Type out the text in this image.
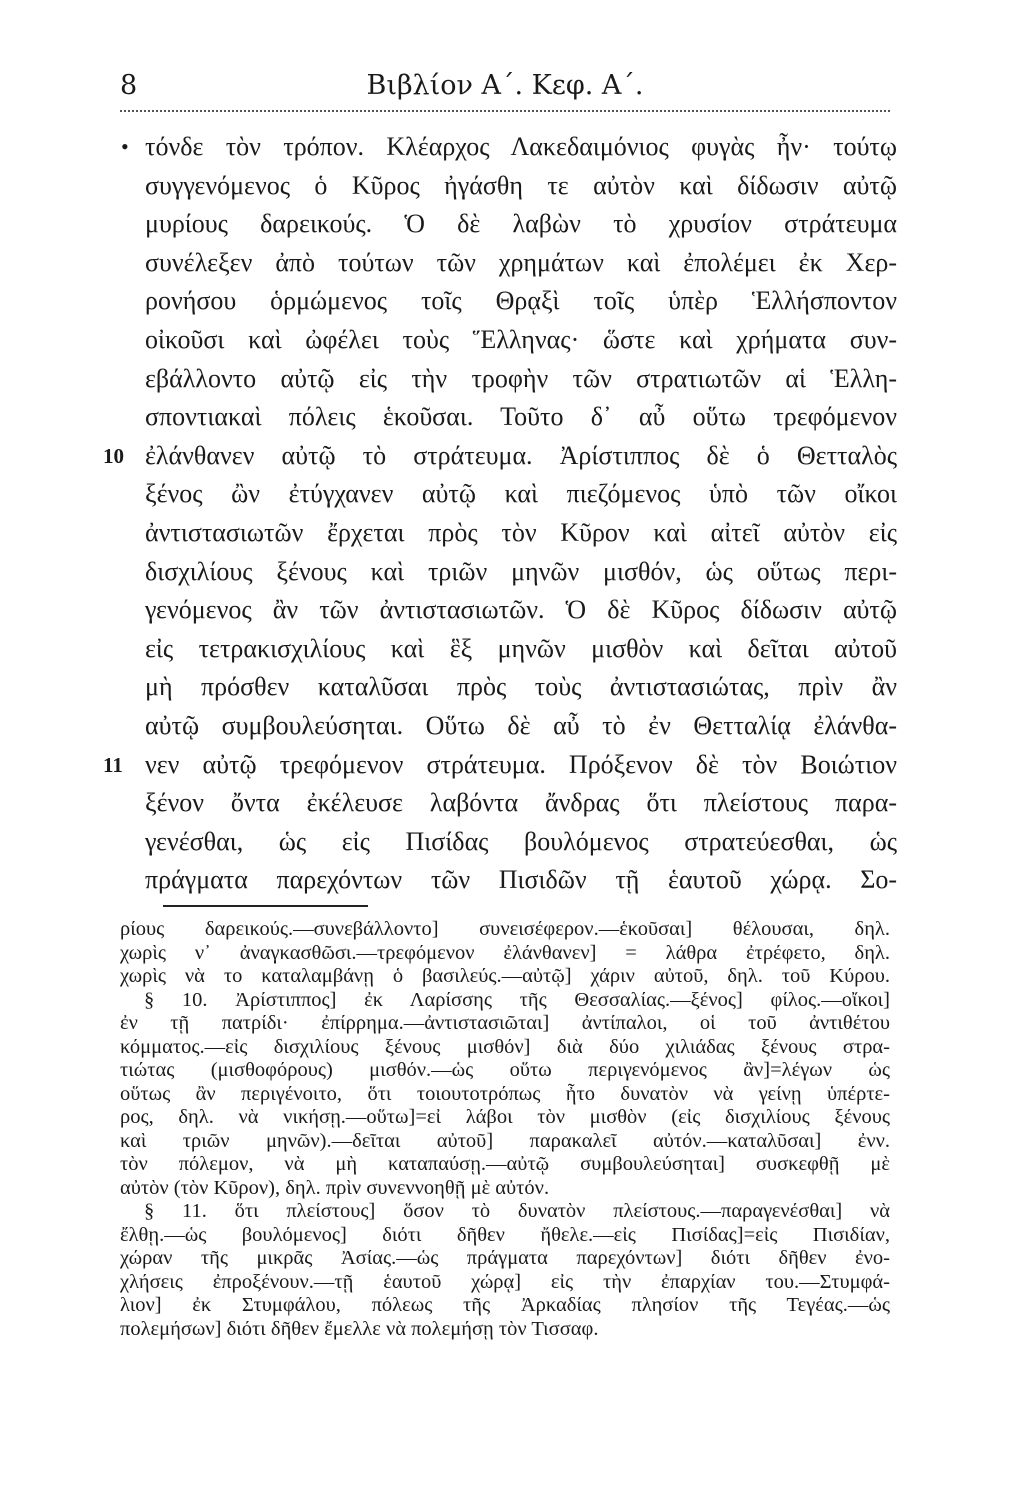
8	Βιβλίον Α΄. Κεφ. Α΄.
• τόνδε τὸν τρόπον. Κλέαρχος Λακεδαιμόνιος φυγὰς ἦν· τούτῳ
συγγενόμενος ὁ Κῦρος ἠγάσθη τε αὐτὸν καὶ δίδωσιν αὐτῷ
μυρίους δαρεικούς. Ὁ δὲ λαβὼν τὸ χρυσίον στράτευμα
συνέλεξεν ἀπὸ τούτων τῶν χρημάτων καὶ ἐπολέμει ἐκ Χερ-
ρονήσου ὁρμώμενος τοῖς Θρᾳξὶ τοῖς ὑπὲρ Ἑλλήσποντον
οἰκοῦσι καὶ ὠφέλει τοὺς Ἕλληνας· ὥστε καὶ χρήματα συν-
εβάλλοντο αὐτῷ εἰς τὴν τροφὴν τῶν στρατιωτῶν αἱ Ἑλλη-
σποντιακαὶ πόλεις ἑκοῦσαι. Τοῦτο δ᾽ αὖ οὕτω τρεφόμενον
10 ἐλάνθανεν αὐτῷ τὸ στράτευμα. Ἀρίστιππος δὲ ὁ Θετταλὸς
ξένος ὢν ἐτύγχανεν αὐτῷ καὶ πιεζόμενος ὑπὸ τῶν οἴκοι
ἀντιστασιωτῶν ἔρχεται πρὸς τὸν Κῦρον καὶ αἰτεῖ αὐτὸν εἰς
δισχιλίους ξένους καὶ τριῶν μηνῶν μισθόν, ὡς οὕτως περι-
γενόμενος ἂν τῶν ἀντιστασιωτῶν. Ὁ δὲ Κῦρος δίδωσιν αὐτῷ
εἰς τετρακισχιλίους καὶ ἓξ μηνῶν μισθὸν καὶ δεῖται αὐτοῦ
μὴ πρόσθεν καταλῦσαι πρὸς τοὺς ἀντιστασιώτας, πρὶν ἂν
αὐτῷ συμβουλεύσηται. Οὕτω δὲ αὖ τὸ ἐν Θετταλίᾳ ἐλάνθα-
11 νεν αὐτῷ τρεφόμενον στράτευμα. Πρόξενον δὲ τὸν Βοιώτιον
ξένον ὄντα ἐκέλευσε λαβόντα ἄνδρας ὅτι πλείστους παρα-
γενέσθαι, ὡς εἰς Πισίδας βουλόμενος στρατεύεσθαι, ὡς
πράγματα παρεχόντων τῶν Πισιδῶν τῇ ἑαυτοῦ χώρᾳ. Σο-
ρίους δαρεικούς.—συνεβάλλοντο] συνεισέφερον.—ἑκοῦσαι] θέλουσαι, δηλ.
χωρὶς ν᾽ ἀναγκασθῶσι.—τρεφόμενον ἐλάνθανεν] = λάθρα ἐτρέφετο, δηλ.
χωρὶς νὰ το καταλαμβάνῃ ὁ βασιλεύς.—αὐτῷ] χάριν αὐτοῦ, δηλ. τοῦ Κύρου.
§ 10. Ἀρίστιππος] ἐκ Λαρίσσης τῆς Θεσσαλίας.—ξένος] φίλος.—οἴκοι]
ἐν τῇ πατρίδι· ἐπίρρημα.—ἀντιστασιῶται] ἀντίπαλοι, οἱ τοῦ ἀντιθέτου
κόμματος.—εἰς δισχιλίους ξένους μισθόν] διὰ δύο χιλιάδας ξένους στρα-
τιώτας (μισθοφόρους) μισθόν.—ὡς οὕτω περιγενόμενος ἂν]=λέγων ὡς
οὕτως ἂν περιγένοιτο, ὅτι τοιουτοτρόπως ἦτο δυνατὸν νὰ γείνῃ ὑπέρτε-
ρος, δηλ. νὰ νικήσῃ.—οὕτω]=εἰ λάβοι τὸν μισθὸν (εἰς δισχιλίους ξένους
καὶ τριῶν μηνῶν).—δεῖται αὐτοῦ] παρακαλεῖ αὐτόν.—καταλῦσαι] ἐνν.
τὸν πόλεμον, νὰ μὴ καταπαύσῃ.—αὐτῷ συμβουλεύσηται] συσκεφθῇ μὲ
αὐτὸν (τὸν Κῦρον), δηλ. πρὶν συνεννοηθῇ μὲ αὐτόν.
§ 11. ὅτι πλείστους] ὅσον τὸ δυνατὸν πλείστους.—παραγενέσθαι] νὰ
ἔλθῃ.—ὡς βουλόμενος] διότι δῆθεν ἤθελε.—εἰς Πισίδας]=εἰς Πισιδίαν,
χώραν τῆς μικρᾶς Ἀσίας.—ὡς πράγματα παρεχόντων] διότι δῆθεν ἐνο-
χλήσεις ἐπροξένουν.—τῇ ἑαυτοῦ χώρᾳ] εἰς τὴν ἐπαρχίαν του.—Στυμφά-
λιον] ἐκ Στυμφάλου, πόλεως τῆς Ἀρκαδίας πλησίον τῆς Τεγέας.—ὡς
πολεμήσων] διότι δῆθεν ἔμελλε νὰ πολεμήσῃ τὸν Τισσαφ.
